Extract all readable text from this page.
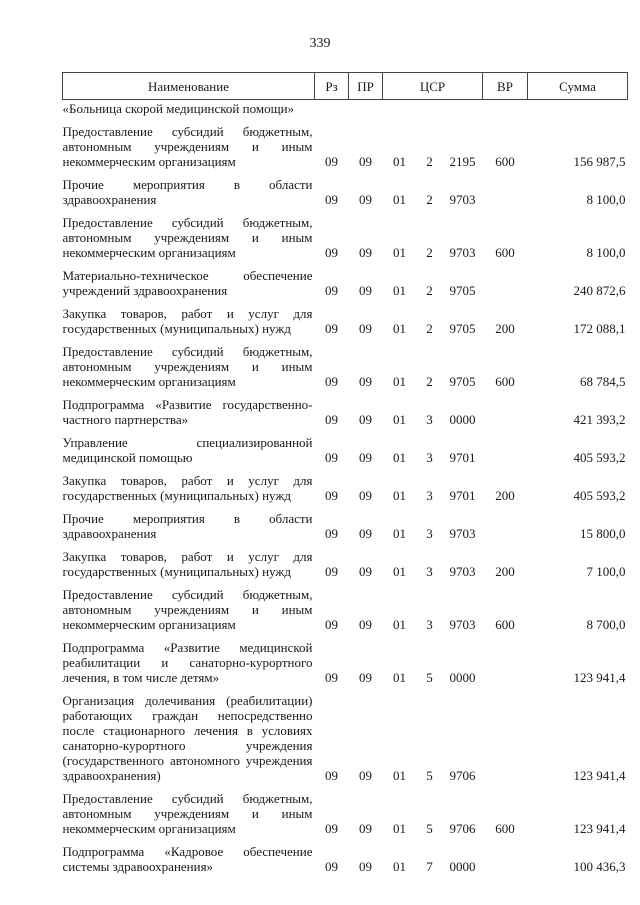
339
Наименование	Рз	ПР	ЦСР			ВР	Сумма
«Больница скорой медицинской помощи»							

Предоставление субсидий бюджетным, автономным учреждениям и иным некоммерческим организациям	09	09	01	2	2195	600	156 987,5

Прочие мероприятия в области здравоохранения	09	09	01	2	9703		8 100,0

Предоставление субсидий бюджетным, автономным учреждениям и иным некоммерческим организациям	09	09	01	2	9703	600	8 100,0

Материально-техническое обеспечение учреждений здравоохранения	09	09	01	2	9705		240 872,6

Закупка товаров, работ и услуг для государственных (муниципальных) нужд	09	09	01	2	9705	200	172 088,1

Предоставление субсидий бюджетным, автономным учреждениям и иным некоммерческим организациям	09	09	01	2	9705	600	68 784,5

Подпрограмма «Развитие государственно-частного партнерства»	09	09	01	3	0000		421 393,2

Управление специализированной медицинской помощью	09	09	01	3	9701		405 593,2

Закупка товаров, работ и услуг для государственных (муниципальных) нужд	09	09	01	3	9701	200	405 593,2

Прочие мероприятия в области здравоохранения	09	09	01	3	9703		15 800,0

Закупка товаров, работ и услуг для государственных (муниципальных) нужд	09	09	01	3	9703	200	7 100,0

Предоставление субсидий бюджетным, автономным учреждениям и иным некоммерческим организациям	09	09	01	3	9703	600	8 700,0

Подпрограмма «Развитие медицинской реабилитации и санаторно-курортного лечения, в том числе детям»	09	09	01	5	0000		123 941,4

Организация долечивания (реабилитации) работающих граждан непосредственно после стационарного лечения в условиях санаторно-курортного учреждения (государственного автономного учреждения здравоохранения)	09	09	01	5	9706		123 941,4

Предоставление субсидий бюджетным, автономным учреждениям и иным некоммерческим организациям	09	09	01	5	9706	600	123 941,4

Подпрограмма «Кадровое обеспечение системы здравоохранения»	09	09	01	7	0000		100 436,3
